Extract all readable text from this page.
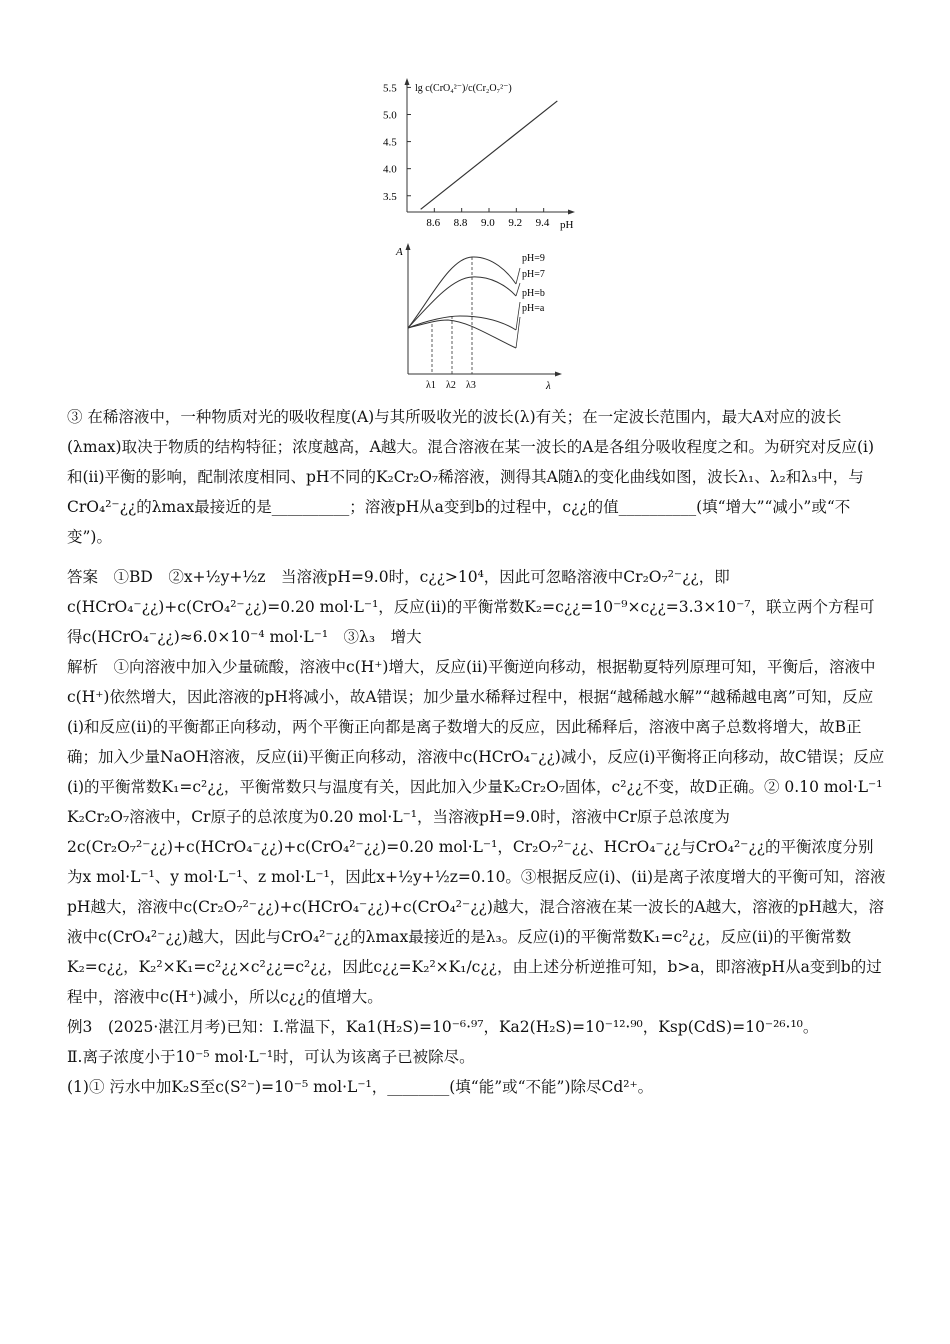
lg c(CrO₄²⁻)/c(Cr₂O₇²⁻)
5.5
5.0
4.5
4.0
3.5
8.6 8.8 9.0 9.2 9.4 pH
A
λ
pH=9
pH=7
pH=b
pH=a
λ1 λ2 λ3

③ 在稀溶液中，一种物质对光的吸收程度(A)与其所吸收光的波长(λ)有关；在一定波长范围内，最大A对应的波长(λmax)取决于物质的结构特征；浓度越高，A越大。混合溶液在某一波长的A是各组分吸收程度之和。为研究对反应(ⅰ)和(ⅱ)平衡的影响，配制浓度相同、pH不同的K₂Cr₂O₇稀溶液，测得其A随λ的变化曲线如图，波长λ₁、λ₂和λ₃中，与CrO₄²⁻¿¿的λmax最接近的是__________；溶液pH从a变到b的过程中，c¿¿的值__________(填“增大”“减小”或“不变”)。

答案　①BD　②x+½y+½z　当溶液pH=9.0时，c¿¿>10⁴，因此可忽略溶液中Cr₂O₇²⁻¿¿，即c(HCrO₄⁻¿¿)+c(CrO₄²⁻¿¿)=0.20 mol·L⁻¹，反应(ⅱ)的平衡常数K₂=c¿¿=10⁻⁹×c¿¿=3.3×10⁻⁷，联立两个方程可得c(HCrO₄⁻¿¿)≈6.0×10⁻⁴ mol·L⁻¹　③λ₃　增大

解析　①向溶液中加入少量硫酸，溶液中c(H⁺)增大，反应(ⅱ)平衡逆向移动，根据勒夏特列原理可知，平衡后，溶液中c(H⁺)依然增大，因此溶液的pH将减小，故A错误；加少量水稀释过程中，根据“越稀越水解”“越稀越电离”可知，反应(ⅰ)和反应(ⅱ)的平衡都正向移动，两个平衡正向都是离子数增大的反应，因此稀释后，溶液中离子总数将增大，故B正确；加入少量NaOH溶液，反应(ⅱ)平衡正向移动，溶液中c(HCrO₄⁻¿¿)减小，反应(ⅰ)平衡将正向移动，故C错误；反应(ⅰ)的平衡常数K₁=c²¿¿，平衡常数只与温度有关，因此加入少量K₂Cr₂O₇固体，c²¿¿不变，故D正确。② 0.10 mol·L⁻¹ K₂Cr₂O₇溶液中，Cr原子的总浓度为0.20 mol·L⁻¹，当溶液pH=9.0时，溶液中Cr原子总浓度为2c(Cr₂O₇²⁻¿¿)+c(HCrO₄⁻¿¿)+c(CrO₄²⁻¿¿)=0.20 mol·L⁻¹，Cr₂O₇²⁻¿¿、HCrO₄⁻¿¿与CrO₄²⁻¿¿的平衡浓度分别为x mol·L⁻¹、y mol·L⁻¹、z mol·L⁻¹，因此x+½y+½z=0.10。③根据反应(ⅰ)、(ⅱ)是离子浓度增大的平衡可知，溶液pH越大，溶液中c(Cr₂O₇²⁻¿¿)+c(HCrO₄⁻¿¿)+c(CrO₄²⁻¿¿)越大，混合溶液在某一波长的A越大，溶液的pH越大，溶液中c(CrO₄²⁻¿¿)越大，因此与CrO₄²⁻¿¿的λmax最接近的是λ₃。反应(ⅰ)的平衡常数K₁=c²¿¿，反应(ⅱ)的平衡常数K₂=c¿¿，K₂²×K₁=c²¿¿×c²¿¿=c²¿¿，因此c¿¿=K₂²×K₁/c¿¿，由上述分析逆推可知，b>a，即溶液pH从a变到b的过程中，溶液中c(H⁺)减小，所以c¿¿的值增大。

例3　(2025·湛江月考)已知：Ⅰ.常温下，Ka1(H₂S)=10⁻⁶·⁹⁷，Ka2(H₂S)=10⁻¹²·⁹⁰，Ksp(CdS)=10⁻²⁶·¹⁰。

Ⅱ.离子浓度小于10⁻⁵ mol·L⁻¹时，可认为该离子已被除尽。

(1)① 污水中加K₂S至c(S²⁻)=10⁻⁵ mol·L⁻¹，________(填“能”或“不能”)除尽Cd²⁺。
